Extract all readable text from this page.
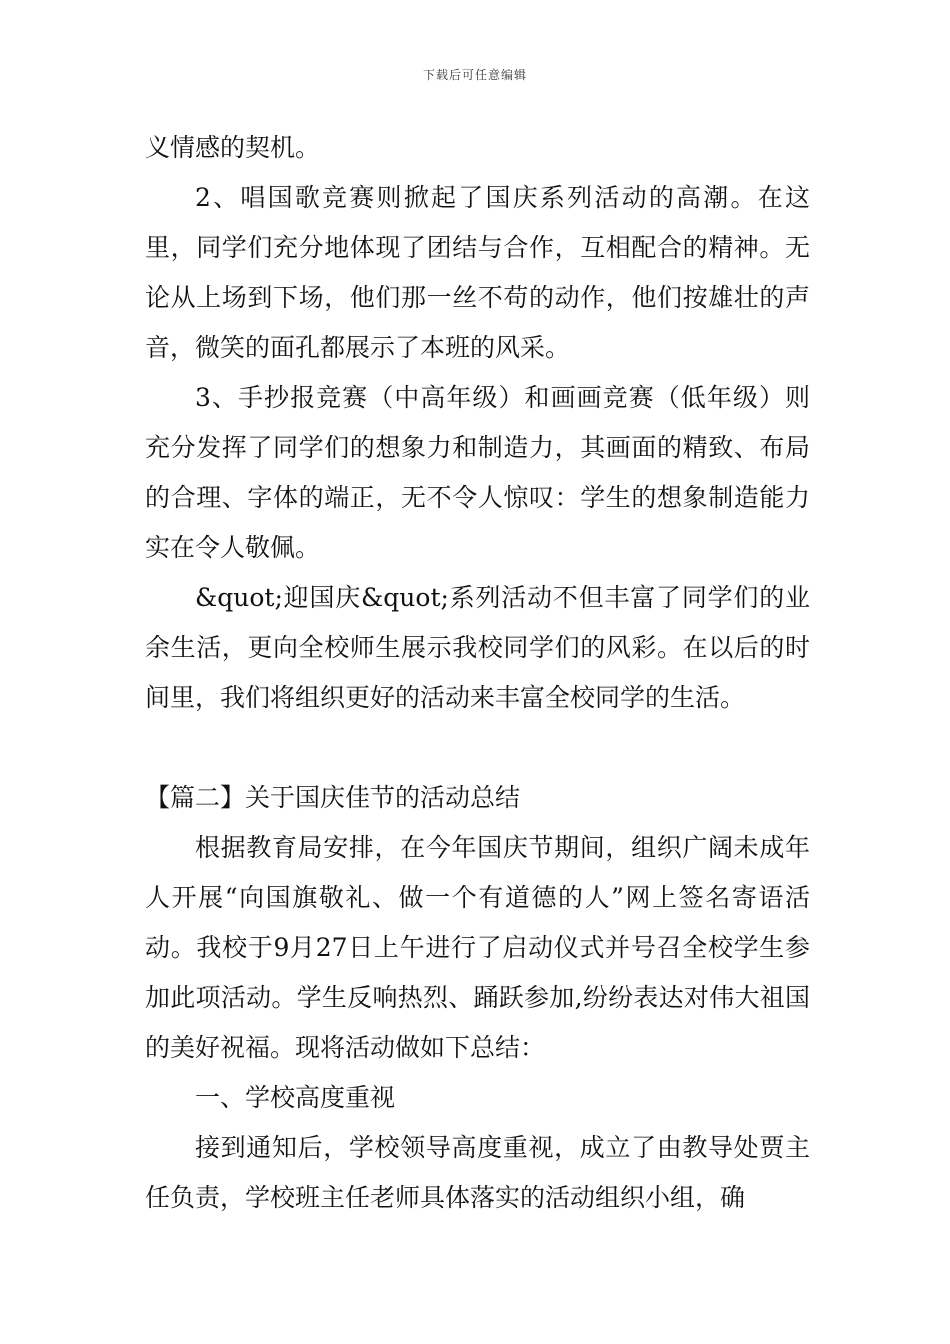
下载后可任意编辑

义情感的契机。

2、唱国歌竞赛则掀起了国庆系列活动的高潮。在这里，同学们充分地体现了团结与合作，互相配合的精神。无论从上场到下场，他们那一丝不苟的动作，他们按雄壮的声音，微笑的面孔都展示了本班的风采。

3、手抄报竞赛（中高年级）和画画竞赛（低年级）则充分发挥了同学们的想象力和制造力，其画面的精致、布局的合理、字体的端正，无不令人惊叹：学生的想象制造能力实在令人敬佩。

&quot;迎国庆&quot;系列活动不但丰富了同学们的业余生活，更向全校师生展示我校同学们的风彩。在以后的时间里，我们将组织更好的活动来丰富全校同学的生活。

【篇二】关于国庆佳节的活动总结

根据教育局安排，在今年国庆节期间，组织广阔未成年人开展“向国旗敬礼、做一个有道德的人”网上签名寄语活动。我校于9月27日上午进行了启动仪式并号召全校学生参加此项活动。学生反响热烈、踊跃参加,纷纷表达对伟大祖国的美好祝福。现将活动做如下总结：

一、学校高度重视

接到通知后，学校领导高度重视，成立了由教导处贾主任负责，学校班主任老师具体落实的活动组织小组，确
